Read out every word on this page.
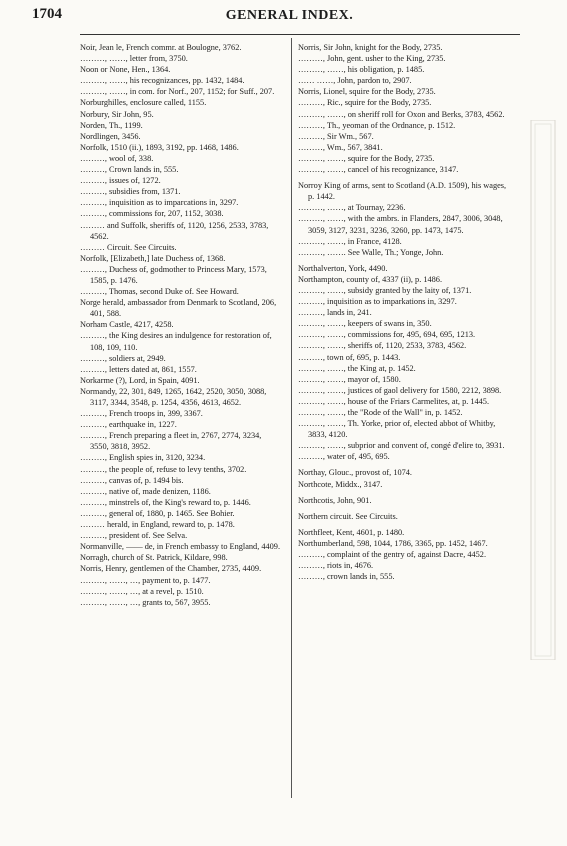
1704	GENERAL INDEX.

Noir, Jean le, French commr. at Boulogne, 3762.

………, ……, letter from, 3750.

Noon or None, Hen., 1364.

………, ……, his recognizances, pp. 1432, 1484.

………, ……, in com. for Norf., 207, 1152; for Suff., 207.

Norburghilles, enclosure called, 1155.

Norbury, Sir John, 95.

Norden, Th., 1199.

Nordlingen, 3456.

Norfolk, 1510 (ii.), 1893, 3192, pp. 1468, 1486.

………, wool of, 338.

………, Crown lands in, 555.

………, issues of, 1272.

………, subsidies from, 1371.

………, inquisition as to imparcations in, 3297.

………, commissions for, 207, 1152, 3038.

……… and Suffolk, sheriffs of, 1120, 1256, 2533, 3783, 4562.

……… Circuit. See Circuits.

Norfolk, [Elizabeth,] late Duchess of, 1368.

………, Duchess of, godmother to Princess Mary, 1573, 1585, p. 1476.

………, Thomas, second Duke of. See Howard.

Norge herald, ambassador from Denmark to Scotland, 206, 401, 588.

Norham Castle, 4217, 4258.

………, the King desires an indulgence for restoration of, 108, 109, 110.

………, soldiers at, 2949.

………, letters dated at, 861, 1557.

Norkarme (?), Lord, in Spain, 4091.

Normandy, 22, 301, 849, 1265, 1642, 2520, 3050, 3088, 3117, 3344, 3548, p. 1254, 4356, 4613, 4652.

………, French troops in, 399, 3367.

………, earthquake in, 1227.

………, French preparing a fleet in, 2767, 2774, 3234, 3550, 3818, 3952.

………, English spies in, 3120, 3234.

………, the people of, refuse to levy tenths, 3702.

………, canvas of, p. 1494 bis.

………, native of, made denizen, 1186.

………, minstrels of, the King's reward to, p. 1446.

………, general of, 1880, p. 1465. See Bohier.

……… herald, in England, reward to, p. 1478.

………, president of. See Selva.

Normanville, —— de, in French embassy to England, 4409.

Norragh, church of St. Patrick, Kildare, 998.

Norris, Henry, gentlemen of the Chamber, 2735, 4409.

………, ……, …, payment to, p. 1477.

………, ……, …, at a revel, p. 1510.

………, ……, …, grants to, 567, 3955.

Norris, Sir John, knight for the Body, 2735.

………, John, gent. usher to the King, 2735.

………, ……, his obligation, p. 1485.

…… ……, John, pardon to, 2907.

Norris, Lionel, squire for the Body, 2735.

………, Ric., squire for the Body, 2735.

………, ……, on sheriff roll for Oxon and Berks, 3783, 4562.

………, Th., yeoman of the Ordnance, p. 1512.

………, Sir Wm., 567.

………, Wm., 567, 3841.

………, ……, squire for the Body, 2735.

………, ……, cancel of his recognizance, 3147.

Norroy King of arms, sent to Scotland (A.D. 1509), his wages, p. 1442.

………, ……, at Tournay, 2236.

………, ……, with the ambrs. in Flanders, 2847, 3006, 3048, 3059, 3127, 3231, 3236, 3260, pp. 1473, 1475.

………, ……, in France, 4128.

………, ……. See Walle, Th.; Yonge, John.

Northalverton, York, 4490.

Northampton, county of, 4337 (ii), p. 1486.

………, ……, subsidy granted by the laity of, 1371.

………, inquisition as to imparkations in, 3297.

………, lands in, 241.

………, ……, keepers of swans in, 350.

………, ……, commissions for, 495, 694, 695, 1213.

………, ……, sheriffs of, 1120, 2533, 3783, 4562.

………, town of, 695, p. 1443.

………, ……, the King at, p. 1452.

………, ……, mayor of, 1580.

………, ……, justices of gaol delivery for 1580, 2212, 3898.

………, ……, house of the Friars Carmelites, at, p. 1445.

………, ……, the "Rode of the Wall" in, p. 1452.

………, ……, Th. Yorke, prior of, elected abbot of Whitby, 3833, 4120.

………, ……, subprior and convent of, congé d'elire to, 3931.

………, water of, 495, 695.

Northay, Glouc., provost of, 1074.

Northcote, Middx., 3147.

Northcotis, John, 901.

Northern circuit. See Circuits.

Northfleet, Kent, 4601, p. 1480.

Northumberland, 598, 1044, 1786, 3365, pp. 1452, 1467.

………, complaint of the gentry of, against Dacre, 4452.

………, riots in, 4676.

………, crown lands in, 555.
